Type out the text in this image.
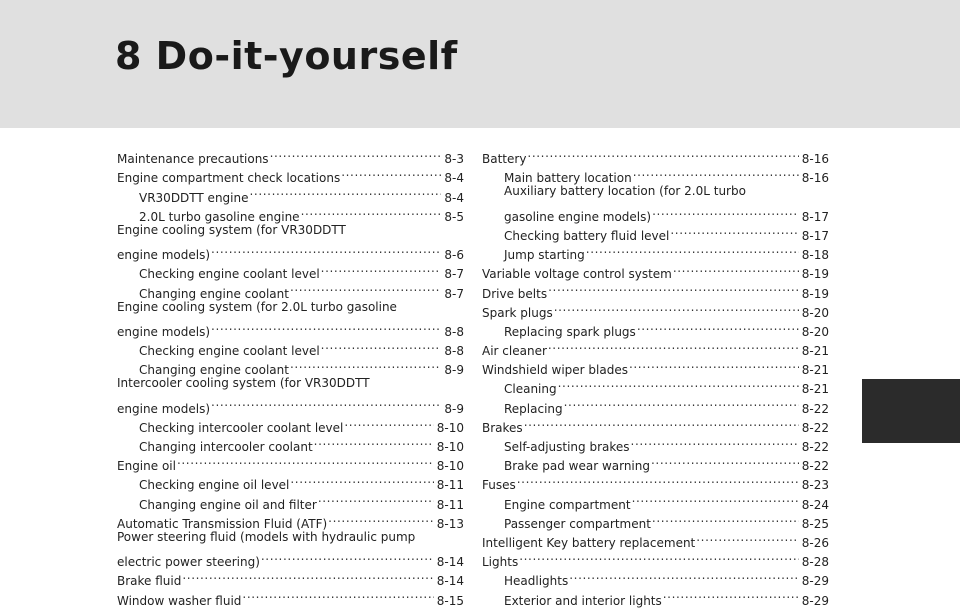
8 Do-it-yourself
Maintenance precautions .....	8-3
Engine compartment check locations .....	8-4
VR30DDTT engine .....	8-4
2.0L turbo gasoline engine .....	8-5
Engine cooling system (for VR30DDTT
engine models) .....	8-6
Checking engine coolant level .....	8-7
Changing engine coolant .....	8-7
Engine cooling system (for 2.0L turbo gasoline
engine models) .....	8-8
Checking engine coolant level .....	8-8
Changing engine coolant .....	8-9
Intercooler cooling system (for VR30DDTT
engine models) .....	8-9
Checking intercooler coolant level .....	8-10
Changing intercooler coolant .....	8-10
Engine oil .....	8-10
Checking engine oil level .....	8-11
Changing engine oil and filter .....	8-11
Automatic Transmission Fluid (ATF) .....	8-13
Power steering fluid (models with hydraulic pump
electric power steering) .....	8-14
Brake fluid .....	8-14
Window washer fluid .....	8-15
Battery .....	8-16
Main battery location .....	8-16
Auxiliary battery location (for 2.0L turbo
gasoline engine models) .....	8-17
Checking battery fluid level .....	8-17
Jump starting .....	8-18
Variable voltage control system .....	8-19
Drive belts .....	8-19
Spark plugs .....	8-20
Replacing spark plugs .....	8-20
Air cleaner .....	8-21
Windshield wiper blades .....	8-21
Cleaning .....	8-21
Replacing .....	8-22
Brakes .....	8-22
Self-adjusting brakes .....	8-22
Brake pad wear warning .....	8-22
Fuses .....	8-23
Engine compartment .....	8-24
Passenger compartment .....	8-25
Intelligent Key battery replacement .....	8-26
Lights .....	8-28
Headlights .....	8-29
Exterior and interior lights .....	8-29
